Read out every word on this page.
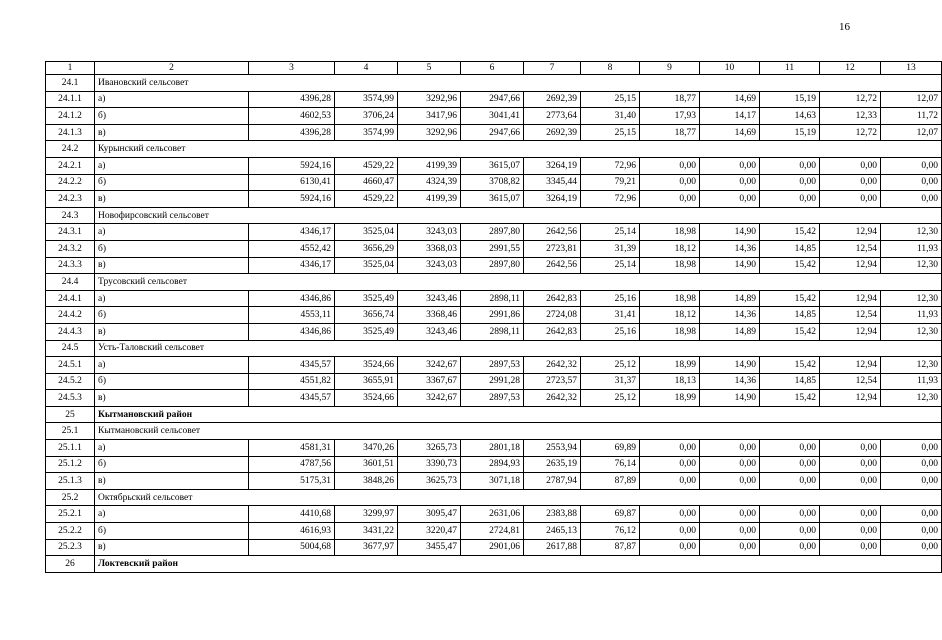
16
1	2	3	4	5	6	7	8	9	10	11	12	13
24.1	Ивановский сельсовет											
24.1.1	а)	4396,28	3574,99	3292,96	2947,66	2692,39	25,15	18,77	14,69	15,19	12,72	12,07
24.1.2	б)	4602,53	3706,24	3417,96	3041,41	2773,64	31,40	17,93	14,17	14,63	12,33	11,72
24.1.3	в)	4396,28	3574,99	3292,96	2947,66	2692,39	25,15	18,77	14,69	15,19	12,72	12,07
24.2	Курынский сельсовет											
24.2.1	а)	5924,16	4529,22	4199,39	3615,07	3264,19	72,96	0,00	0,00	0,00	0,00	0,00
24.2.2	б)	6130,41	4660,47	4324,39	3708,82	3345,44	79,21	0,00	0,00	0,00	0,00	0,00
24.2.3	в)	5924,16	4529,22	4199,39	3615,07	3264,19	72,96	0,00	0,00	0,00	0,00	0,00
24.3	Новофирсовский сельсовет											
24.3.1	а)	4346,17	3525,04	3243,03	2897,80	2642,56	25,14	18,98	14,90	15,42	12,94	12,30
24.3.2	б)	4552,42	3656,29	3368,03	2991,55	2723,81	31,39	18,12	14,36	14,85	12,54	11,93
24.3.3	в)	4346,17	3525,04	3243,03	2897,80	2642,56	25,14	18,98	14,90	15,42	12,94	12,30
24.4	Трусовский сельсовет											
24.4.1	а)	4346,86	3525,49	3243,46	2898,11	2642,83	25,16	18,98	14,89	15,42	12,94	12,30
24.4.2	б)	4553,11	3656,74	3368,46	2991,86	2724,08	31,41	18,12	14,36	14,85	12,54	11,93
24.4.3	в)	4346,86	3525,49	3243,46	2898,11	2642,83	25,16	18,98	14,89	15,42	12,94	12,30
24.5	Усть-Таловский сельсовет											
24.5.1	а)	4345,57	3524,66	3242,67	2897,53	2642,32	25,12	18,99	14,90	15,42	12,94	12,30
24.5.2	б)	4551,82	3655,91	3367,67	2991,28	2723,57	31,37	18,13	14,36	14,85	12,54	11,93
24.5.3	в)	4345,57	3524,66	3242,67	2897,53	2642,32	25,12	18,99	14,90	15,42	12,94	12,30
25	Кытмановский район											
25.1	Кытмановский сельсовет											
25.1.1	а)	4581,31	3470,26	3265,73	2801,18	2553,94	69,89	0,00	0,00	0,00	0,00	0,00
25.1.2	б)	4787,56	3601,51	3390,73	2894,93	2635,19	76,14	0,00	0,00	0,00	0,00	0,00
25.1.3	в)	5175,31	3848,26	3625,73	3071,18	2787,94	87,89	0,00	0,00	0,00	0,00	0,00
25.2	Октябрьский сельсовет											
25.2.1	а)	4410,68	3299,97	3095,47	2631,06	2383,88	69,87	0,00	0,00	0,00	0,00	0,00
25.2.2	б)	4616,93	3431,22	3220,47	2724,81	2465,13	76,12	0,00	0,00	0,00	0,00	0,00
25.2.3	в)	5004,68	3677,97	3455,47	2901,06	2617,88	87,87	0,00	0,00	0,00	0,00	0,00
26	Локтевский район											
